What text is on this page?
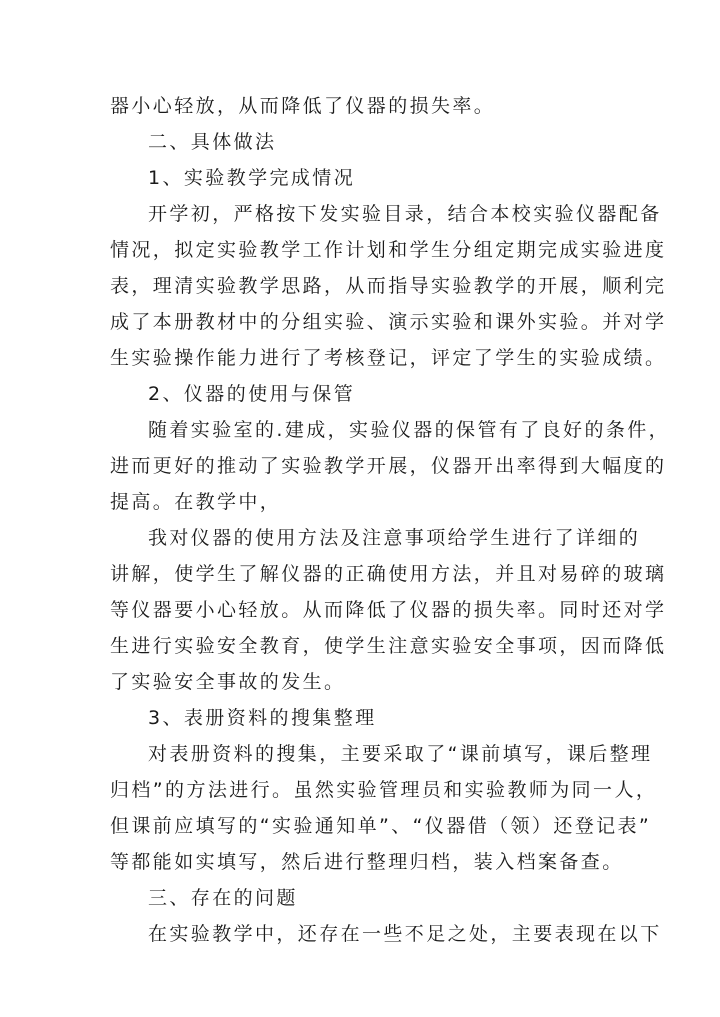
器小心轻放，从而降低了仪器的损失率。
二、具体做法
1、实验教学完成情况
开学初，严格按下发实验目录，结合本校实验仪器配备
情况，拟定实验教学工作计划和学生分组定期完成实验进度
表，理清实验教学思路，从而指导实验教学的开展，顺利完
成了本册教材中的分组实验、演示实验和课外实验。并对学
生实验操作能力进行了考核登记，评定了学生的实验成绩。
2、仪器的使用与保管
随着实验室的.建成，实验仪器的保管有了良好的条件，
进而更好的推动了实验教学开展，仪器开出率得到大幅度的
提高。在教学中，
我对仪器的使用方法及注意事项给学生进行了详细的
讲解，使学生了解仪器的正确使用方法，并且对易碎的玻璃
等仪器要小心轻放。从而降低了仪器的损失率。同时还对学
生进行实验安全教育，使学生注意实验安全事项，因而降低
了实验安全事故的发生。
3、表册资料的搜集整理
对表册资料的搜集，主要采取了“课前填写，课后整理
归档”的方法进行。虽然实验管理员和实验教师为同一人，
但课前应填写的“实验通知单”、“仪器借（领）还登记表”
等都能如实填写，然后进行整理归档，装入档案备查。
三、存在的问题
在实验教学中，还存在一些不足之处，主要表现在以下
